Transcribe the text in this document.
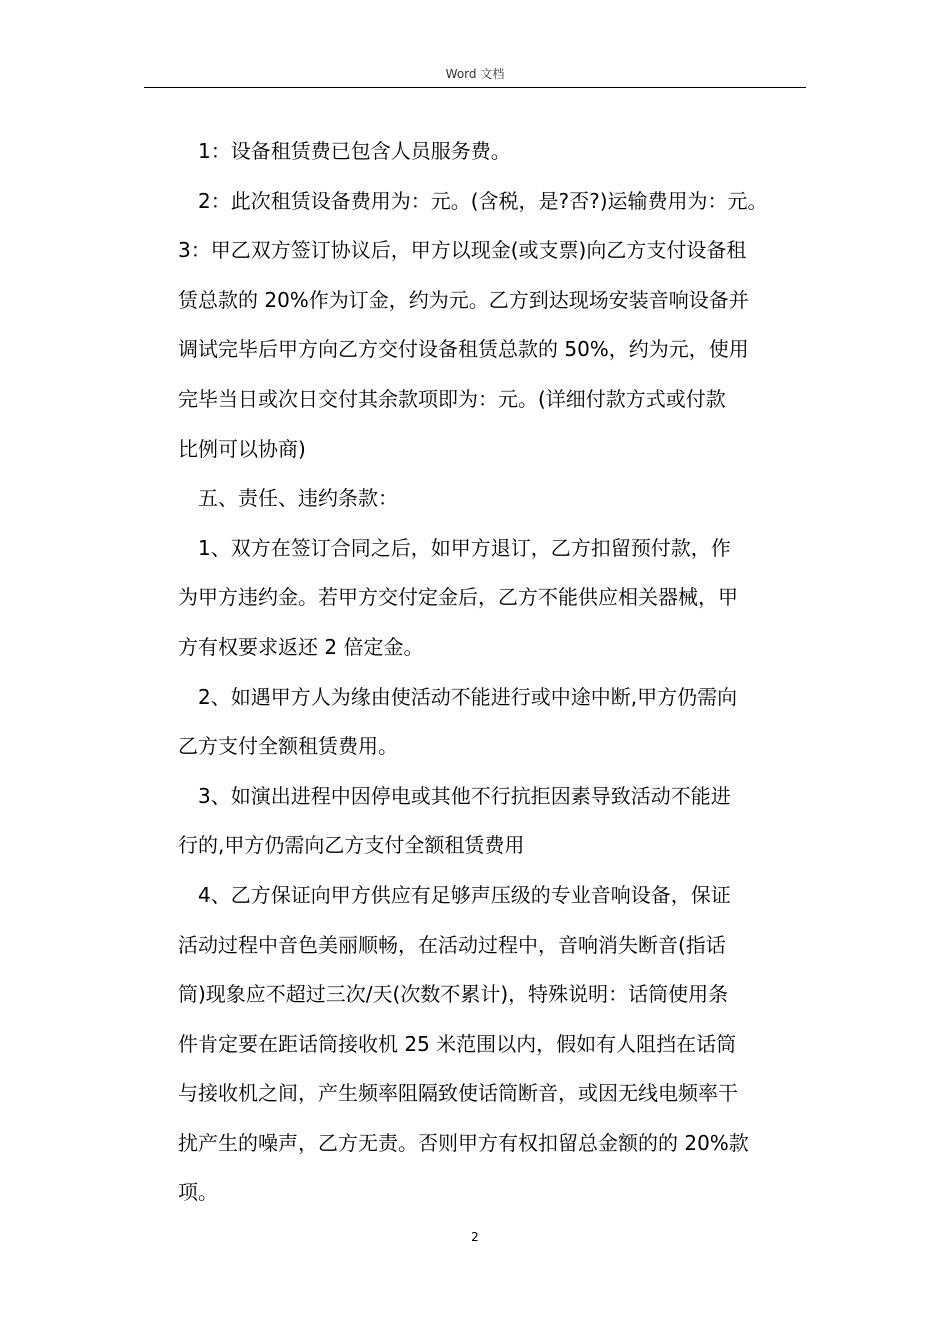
Word 文档
1：设备租赁费已包含人员服务费。
2：此次租赁设备费用为：元。(含税，是?否?)运输费用为：元。
3：甲乙双方签订协议后，甲方以现金(或支票)向乙方支付设备租
赁总款的 20%作为订金，约为元。乙方到达现场安装音响设备并
调试完毕后甲方向乙方交付设备租赁总款的 50%，约为元，使用
完毕当日或次日交付其余款项即为：元。(详细付款方式或付款
比例可以协商)
五、责任、违约条款：
1、双方在签订合同之后，如甲方退订，乙方扣留预付款，作
为甲方违约金。若甲方交付定金后，乙方不能供应相关器械，甲
方有权要求返还 2 倍定金。
2、如遇甲方人为缘由使活动不能进行或中途中断,甲方仍需向
乙方支付全额租赁费用。
3、如演出进程中因停电或其他不行抗拒因素导致活动不能进
行的,甲方仍需向乙方支付全额租赁费用
4、乙方保证向甲方供应有足够声压级的专业音响设备，保证
活动过程中音色美丽顺畅，在活动过程中，音响消失断音(指话
筒)现象应不超过三次/天(次数不累计)，特殊说明：话筒使用条
件肯定要在距话筒接收机 25 米范围以内，假如有人阻挡在话筒
与接收机之间，产生频率阻隔致使话筒断音，或因无线电频率干
扰产生的噪声，乙方无责。否则甲方有权扣留总金额的的 20%款
项。
2
